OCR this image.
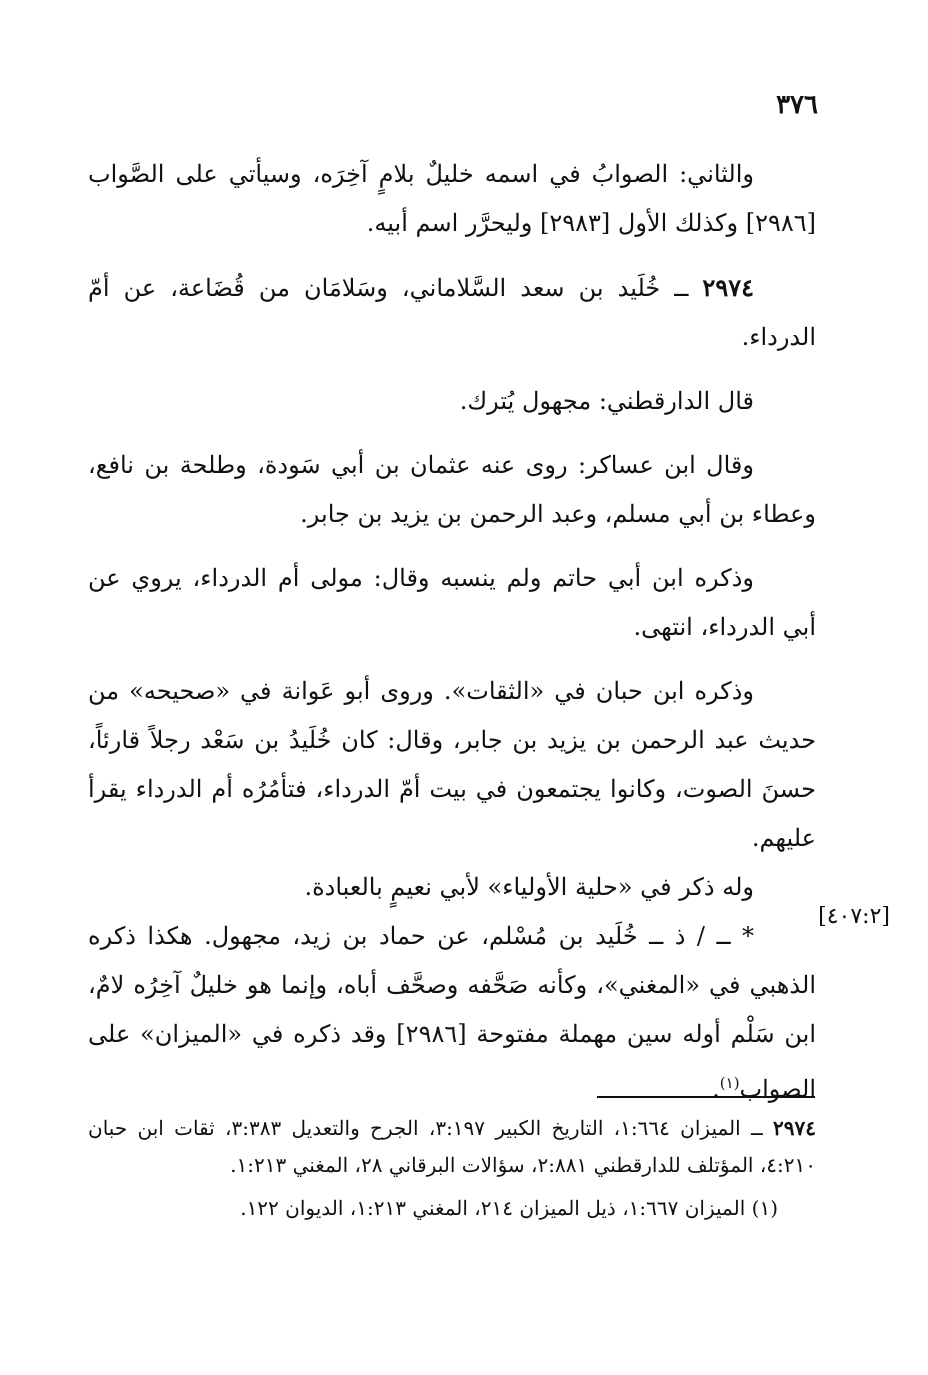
٣٧٦

والثاني: الصوابُ في اسمه خليلٌ بلامٍ آخِرَه، وسيأتي على الصَّواب [٢٩٨٦] وكذلك الأول [٢٩٨٣] وليحرَّر اسم أبيه.

٢٩٧٤ ــ خُلَيد بن سعد السَّلاماني، وسَلامَان من قُضَاعة، عن أمّ الدرداء.

قال الدارقطني: مجهول يُترك.

وقال ابن عساكر: روى عنه عثمان بن أبي سَودة، وطلحة بن نافع، وعطاء بن أبي مسلم، وعبد الرحمن بن يزيد بن جابر.

وذكره ابن أبي حاتم ولم ينسبه وقال: مولى أم الدرداء، يروي عن أبي الدرداء، انتهى.

وذكره ابن حبان في «الثقات». وروى أبو عَوانة في «صحيحه» من حديث عبد الرحمن بن يزيد بن جابر، وقال: كان خُلَيدُ بن سَعْد رجلاً قارئاً، حسنَ الصوت، وكانوا يجتمعون في بيت أمّ الدرداء، فتأمُرُه أم الدرداء يقرأ عليهم.

وله ذكر في «حلية الأولياء» لأبي نعيمٍ بالعبادة.

* ــ / ذ ــ خُلَيد بن مُسْلم، عن حماد بن زيد، مجهول. هكذا ذكره الذهبي في «المغني»، وكأنه صَحَّفه وصحَّف أباه، وإنما هو خليلٌ آخِرُه لامٌ، ابن سَلْم أوله سين مهملة مفتوحة [٢٩٨٦] وقد ذكره في «الميزان» على الصواب$^{(١)}$.

[٤٠٧:٢]

٢٩٧٤ ــ الميزان ١:٦٦٤، التاريخ الكبير ٣:١٩٧، الجرح والتعديل ٣:٣٨٣، ثقات ابن حبان ٤:٢١٠، المؤتلف للدارقطني ٢:٨٨١، سؤالات البرقاني ٢٨، المغني ١:٢١٣.

(١) الميزان ١:٦٦٧، ذيل الميزان ٢١٤، المغني ١:٢١٣، الديوان ١٢٢.
